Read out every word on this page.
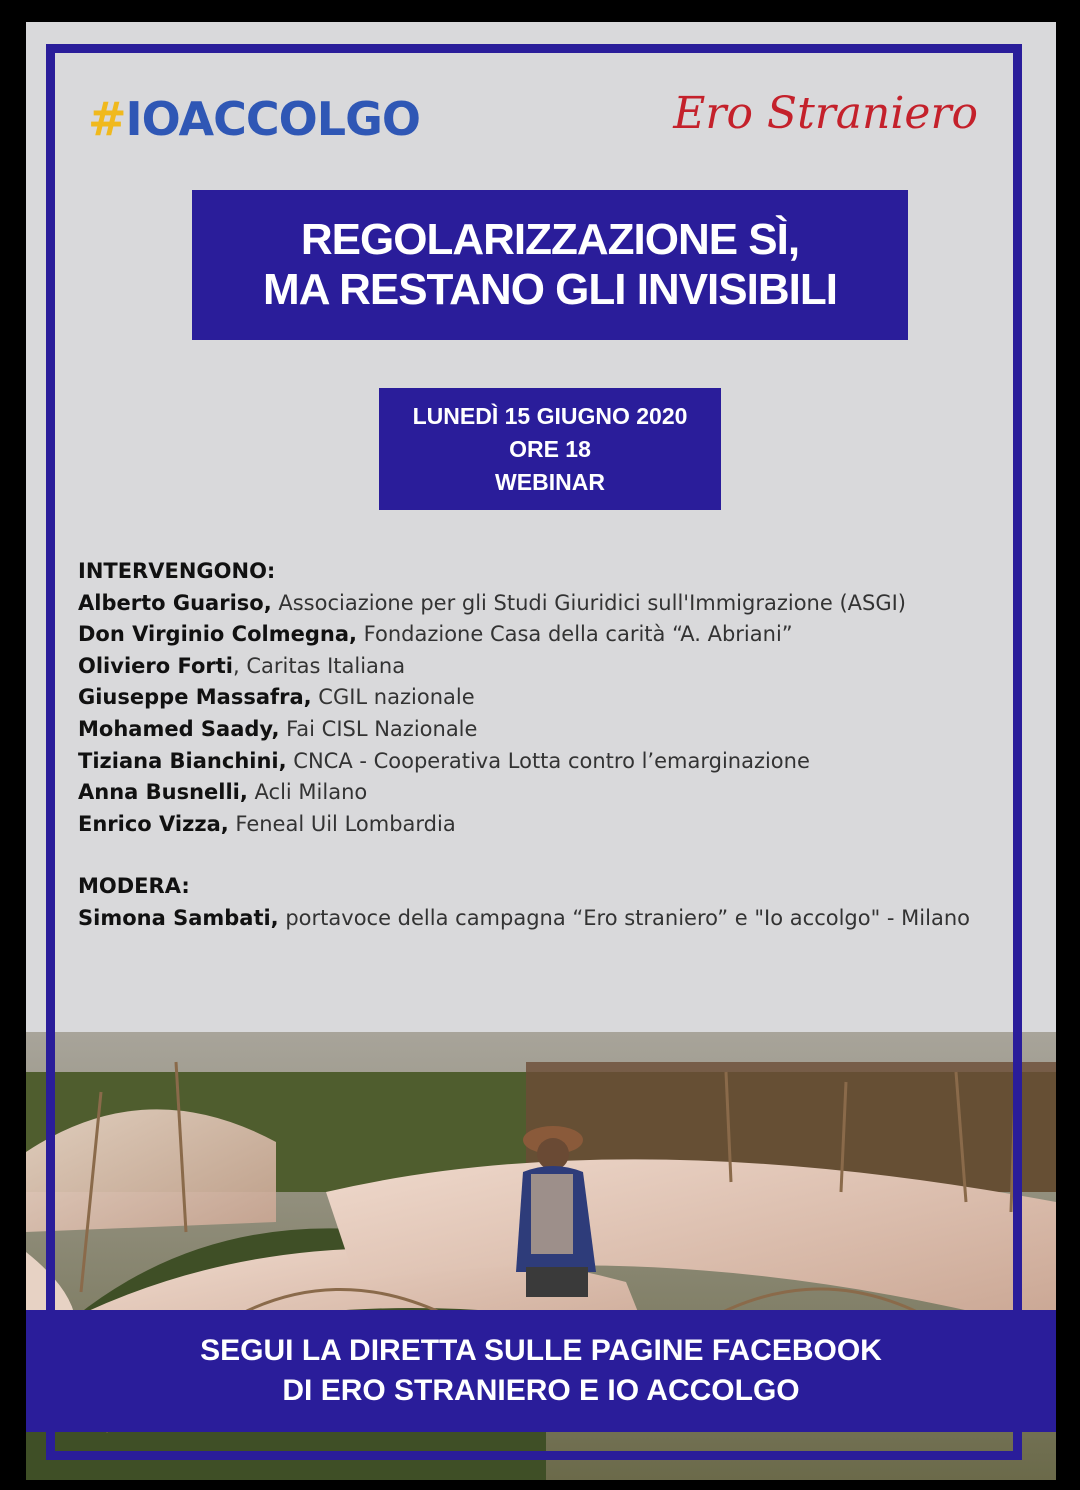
#IOACCOLGO	Ero Straniero
REGOLARIZZAZIONE SÌ,
MA RESTANO GLI INVISIBILI
LUNEDÌ 15 GIUGNO 2020
ORE 18
WEBINAR
INTERVENGONO:
Alberto Guariso, Associazione per gli Studi Giuridici sull'Immigrazione (ASGI)
Don Virginio Colmegna, Fondazione Casa della carità “A. Abriani”
Oliviero Forti, Caritas Italiana
Giuseppe Massafra, CGIL nazionale
Mohamed Saady, Fai CISL Nazionale
Tiziana Bianchini, CNCA - Cooperativa Lotta contro l’emarginazione
Anna Busnelli, Acli Milano
Enrico Vizza, Feneal Uil Lombardia
MODERA:
Simona Sambati, portavoce della campagna “Ero straniero” e "Io accolgo" - Milano
SEGUI LA DIRETTA SULLE PAGINE FACEBOOK
DI ERO STRANIERO E IO ACCOLGO
